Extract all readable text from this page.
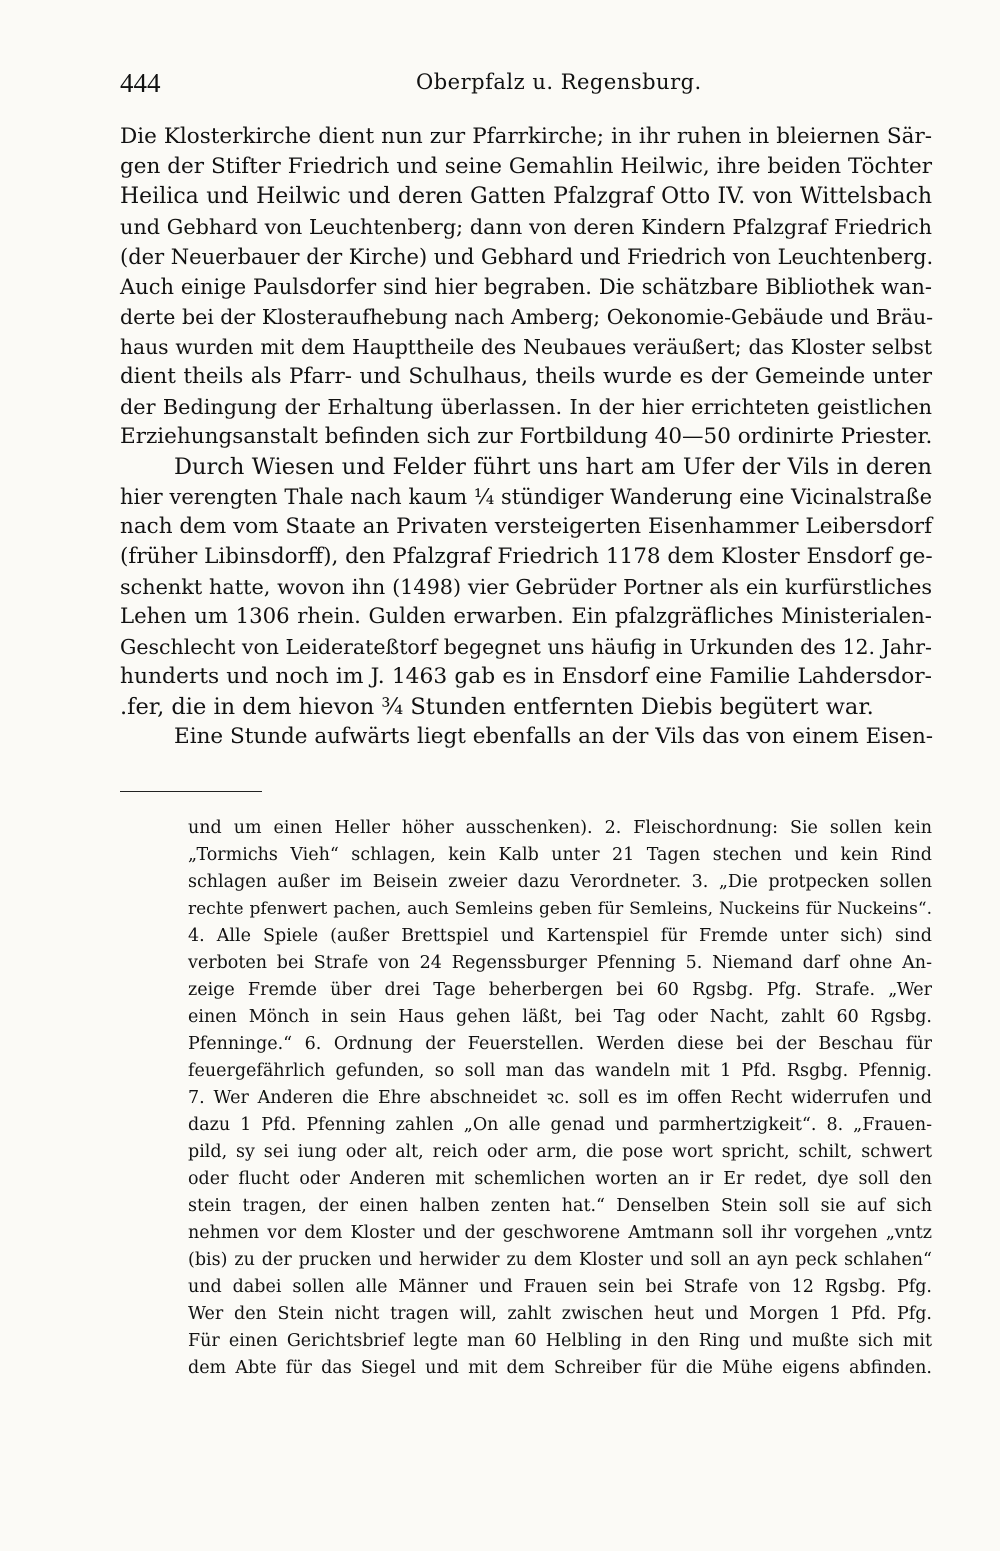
444	Oberpfalz u. Regensburg.
Die Klosterkirche dient nun zur Pfarrkirche; in ihr ruhen in bleiernen Sär-
gen der Stifter Friedrich und seine Gemahlin Heilwic, ihre beiden Töchter
Heilica und Heilwic und deren Gatten Pfalzgraf Otto IV. von Wittelsbach
und Gebhard von Leuchtenberg; dann von deren Kindern Pfalzgraf Friedrich
(der Neuerbauer der Kirche) und Gebhard und Friedrich von Leuchtenberg.
Auch einige Paulsdorfer sind hier begraben. Die schätzbare Bibliothek wan-
derte bei der Klosteraufhebung nach Amberg; Oekonomie-Gebäude und Bräu-
haus wurden mit dem Haupttheile des Neubaues veräußert; das Kloster selbst
dient theils als Pfarr- und Schulhaus, theils wurde es der Gemeinde unter
der Bedingung der Erhaltung überlassen. In der hier errichteten geistlichen
Erziehungsanstalt befinden sich zur Fortbildung 40—50 ordinirte Priester.
Durch Wiesen und Felder führt uns hart am Ufer der Vils in deren
hier verengten Thale nach kaum ¼ stündiger Wanderung eine Vicinalstraße
nach dem vom Staate an Privaten versteigerten Eisenhammer Leibersdorf
(früher Libinsdorff), den Pfalzgraf Friedrich 1178 dem Kloster Ensdorf ge-
schenkt hatte, wovon ihn (1498) vier Gebrüder Portner als ein kurfürstliches
Lehen um 1306 rhein. Gulden erwarben. Ein pfalzgräfliches Ministerialen-
Geschlecht von Leiderateßtorf begegnet uns häufig in Urkunden des 12. Jahr-
hunderts und noch im J. 1463 gab es in Ensdorf eine Familie Lahdersdor-
.fer, die in dem hievon ¾ Stunden entfernten Diebis begütert war.
Eine Stunde aufwärts liegt ebenfalls an der Vils das von einem Eisen-
und um einen Heller höher ausschenken). 2. Fleischordnung: Sie sollen kein
„Tormichs Vieh“ schlagen, kein Kalb unter 21 Tagen stechen und kein Rind
schlagen außer im Beisein zweier dazu Verordneter. 3. „Die protpecken sollen
rechte pfenwert pachen, auch Semleins geben für Semleins, Nuckeins für Nuckeins“.
4. Alle Spiele (außer Brettspiel und Kartenspiel für Fremde unter sich) sind
verboten bei Strafe von 24 Regenssburger Pfenning 5. Niemand darf ohne An-
zeige Fremde über drei Tage beherbergen bei 60 Rgsbg. Pfg. Strafe. „Wer
einen Mönch in sein Haus gehen läßt, bei Tag oder Nacht, zahlt 60 Rgsbg.
Pfenninge.“ 6. Ordnung der Feuerstellen. Werden diese bei der Beschau für
feuergefährlich gefunden, so soll man das wandeln mit 1 Pfd. Rsgbg. Pfennig.
7. Wer Anderen die Ehre abschneidet ꝛc. soll es im offen Recht widerrufen und
dazu 1 Pfd. Pfenning zahlen „On alle genad und parmhertzigkeit“. 8. „Frauen-
pild, sy sei iung oder alt, reich oder arm, die pose wort spricht, schilt, schwert
oder flucht oder Anderen mit schemlichen worten an ir Er redet, dye soll den
stein tragen, der einen halben zenten hat.“ Denselben Stein soll sie auf sich
nehmen vor dem Kloster und der geschworene Amtmann soll ihr vorgehen „vntz
(bis) zu der prucken und herwider zu dem Kloster und soll an ayn peck schlahen“
und dabei sollen alle Männer und Frauen sein bei Strafe von 12 Rgsbg. Pfg.
Wer den Stein nicht tragen will, zahlt zwischen heut und Morgen 1 Pfd. Pfg.
Für einen Gerichtsbrief legte man 60 Helbling in den Ring und mußte sich mit
dem Abte für das Siegel und mit dem Schreiber für die Mühe eigens abfinden.
